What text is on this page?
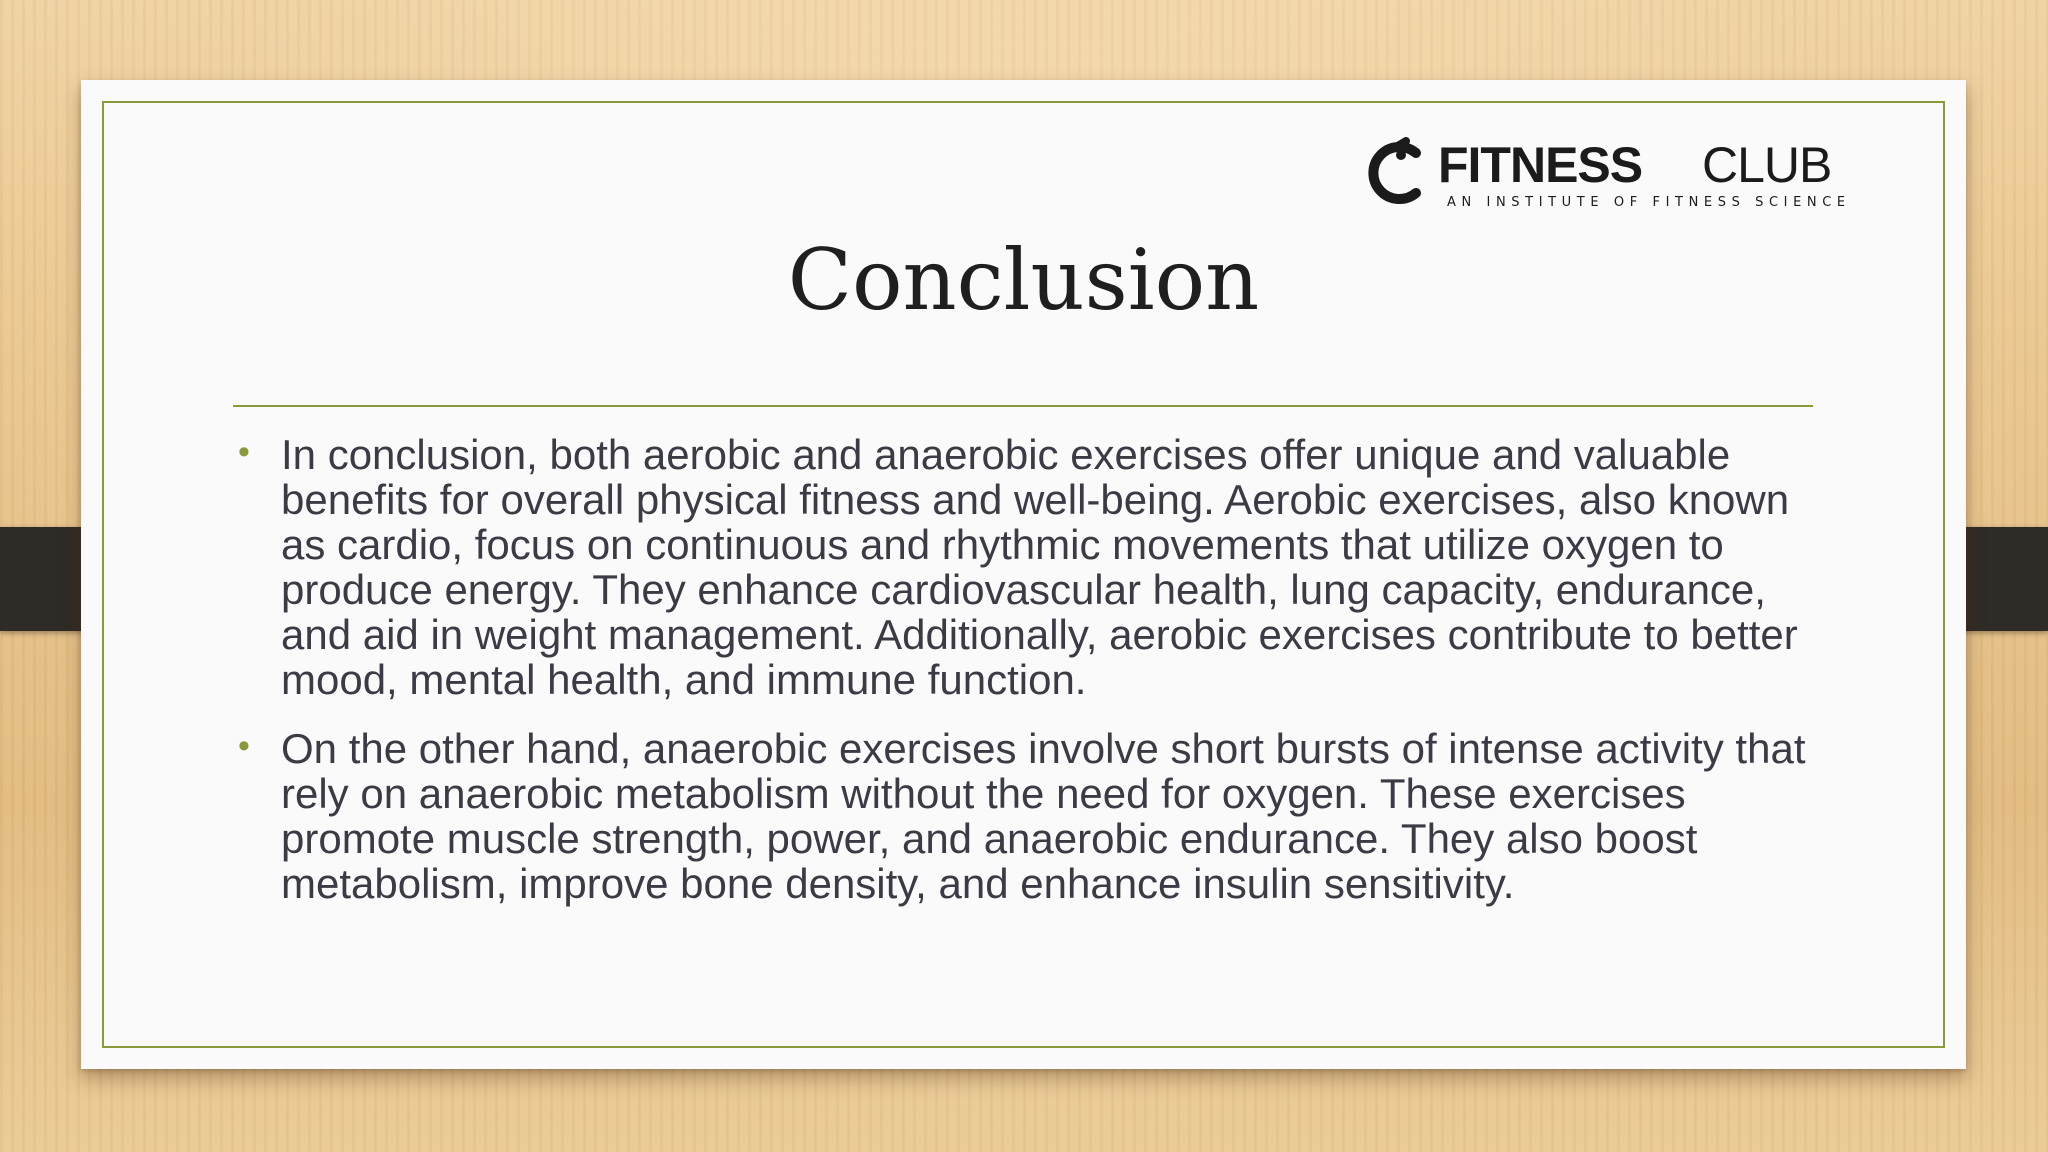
FITNESS CLUB
AN INSTITUTE OF FITNESS SCIENCE
Conclusion
• In conclusion, both aerobic and anaerobic exercises offer unique and valuable benefits for overall physical fitness and well-being. Aerobic exercises, also known as cardio, focus on continuous and rhythmic movements that utilize oxygen to produce energy. They enhance cardiovascular health, lung capacity, endurance, and aid in weight management. Additionally, aerobic exercises contribute to better mood, mental health, and immune function.
• On the other hand, anaerobic exercises involve short bursts of intense activity that rely on anaerobic metabolism without the need for oxygen. These exercises promote muscle strength, power, and anaerobic endurance. They also boost metabolism, improve bone density, and enhance insulin sensitivity.
